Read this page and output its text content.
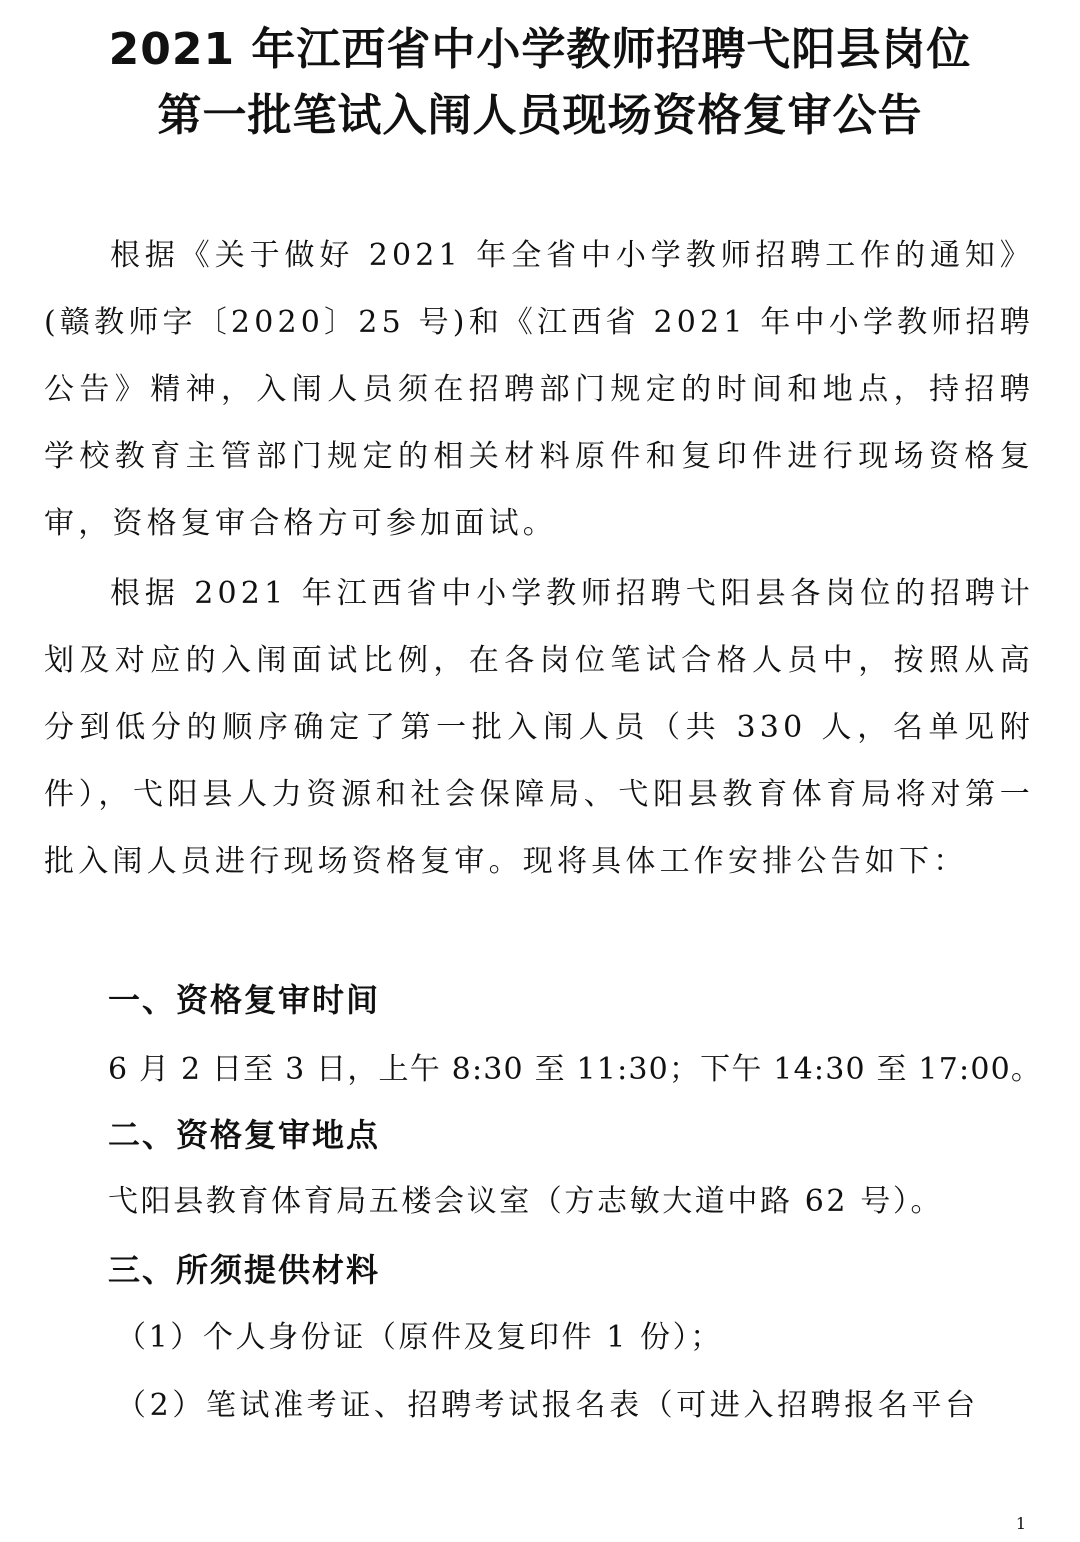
2021 年江西省中小学教师招聘弋阳县岗位
第一批笔试入闱人员现场资格复审公告
根据《关于做好 2021 年全省中小学教师招聘工作的通知》(赣教师字〔2020〕25 号)和《江西省 2021 年中小学教师招聘公告》精神，入闱人员须在招聘部门规定的时间和地点，持招聘学校教育主管部门规定的相关材料原件和复印件进行现场资格复审，资格复审合格方可参加面试。
根据 2021 年江西省中小学教师招聘弋阳县各岗位的招聘计划及对应的入闱面试比例，在各岗位笔试合格人员中，按照从高分到低分的顺序确定了第一批入闱人员（共 330 人，名单见附件），弋阳县人力资源和社会保障局、弋阳县教育体育局将对第一批入闱人员进行现场资格复审。现将具体工作安排公告如下：
一、资格复审时间
6 月 2 日至 3 日，上午 8:30 至 11:30；下午 14:30 至 17:00。
二、资格复审地点
弋阳县教育体育局五楼会议室（方志敏大道中路 62 号）。
三、所须提供材料
（1）个人身份证（原件及复印件 1 份）；
（2）笔试准考证、招聘考试报名表（可进入招聘报名平台
1
